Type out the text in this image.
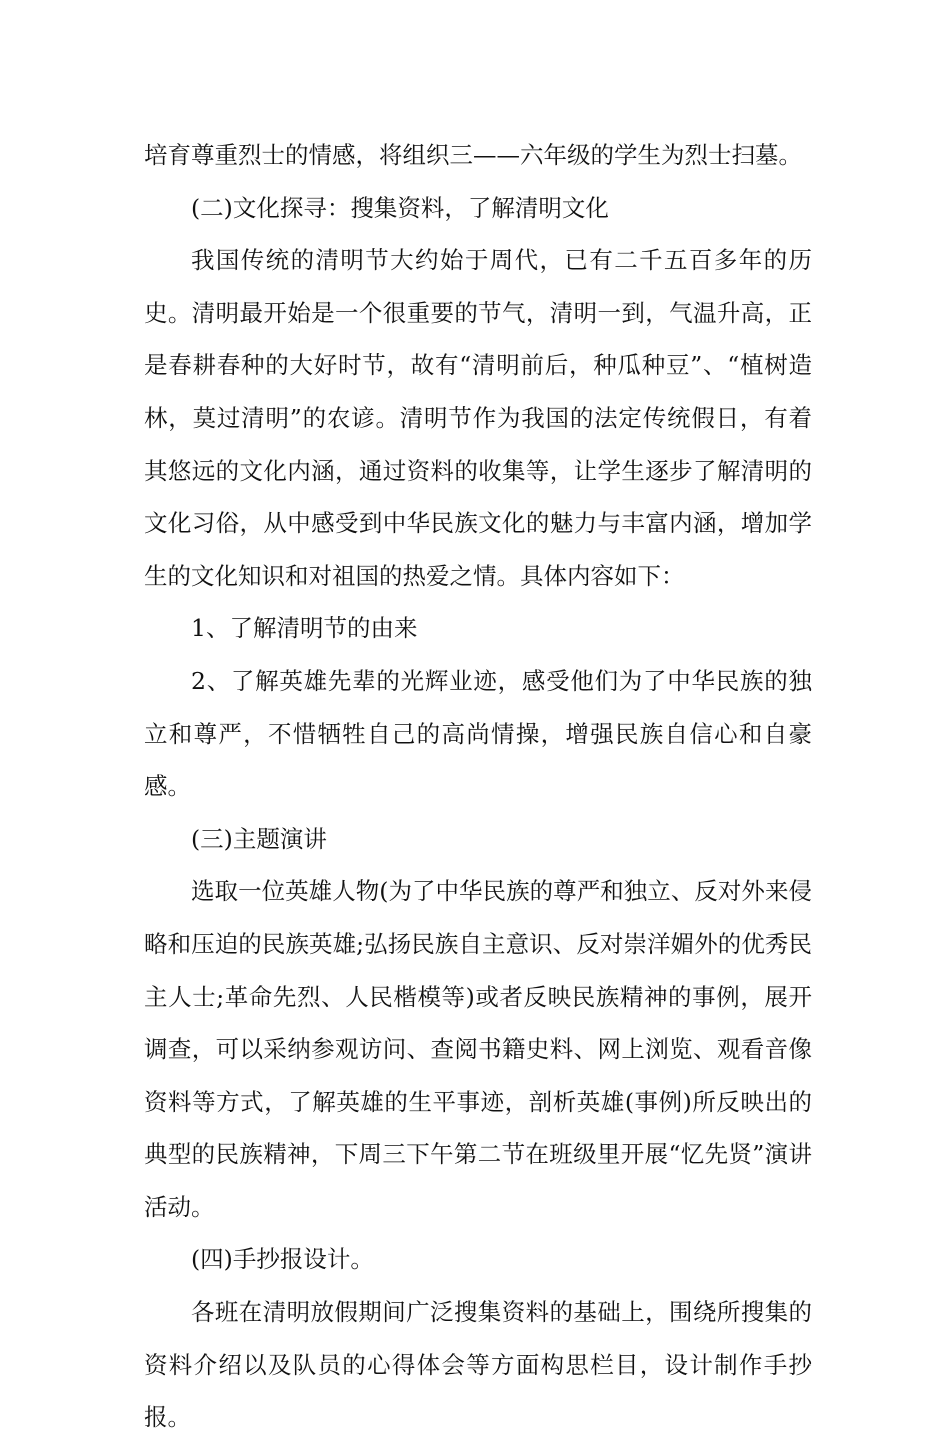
培育尊重烈士的情感，将组织三——六年级的学生为烈士扫墓。

(二)文化探寻：搜集资料，了解清明文化

我国传统的清明节大约始于周代，已有二千五百多年的历史。清明最开始是一个很重要的节气，清明一到，气温升高，正是春耕春种的大好时节，故有“清明前后，种瓜种豆”、“植树造林，莫过清明”的农谚。清明节作为我国的法定传统假日，有着其悠远的文化内涵，通过资料的收集等，让学生逐步了解清明的文化习俗，从中感受到中华民族文化的魅力与丰富内涵，增加学生的文化知识和对祖国的热爱之情。具体内容如下：

1、了解清明节的由来

2、了解英雄先辈的光辉业迹，感受他们为了中华民族的独立和尊严，不惜牺牲自己的高尚情操，增强民族自信心和自豪感。

(三)主题演讲

选取一位英雄人物(为了中华民族的尊严和独立、反对外来侵略和压迫的民族英雄;弘扬民族自主意识、反对崇洋媚外的优秀民主人士;革命先烈、人民楷模等)或者反映民族精神的事例，展开调查，可以采纳参观访问、查阅书籍史料、网上浏览、观看音像资料等方式，了解英雄的生平事迹，剖析英雄(事例)所反映出的典型的民族精神，下周三下午第二节在班级里开展“忆先贤”演讲活动。

(四)手抄报设计。

各班在清明放假期间广泛搜集资料的基础上，围绕所搜集的资料介绍以及队员的心得体会等方面构思栏目，设计制作手抄报。
